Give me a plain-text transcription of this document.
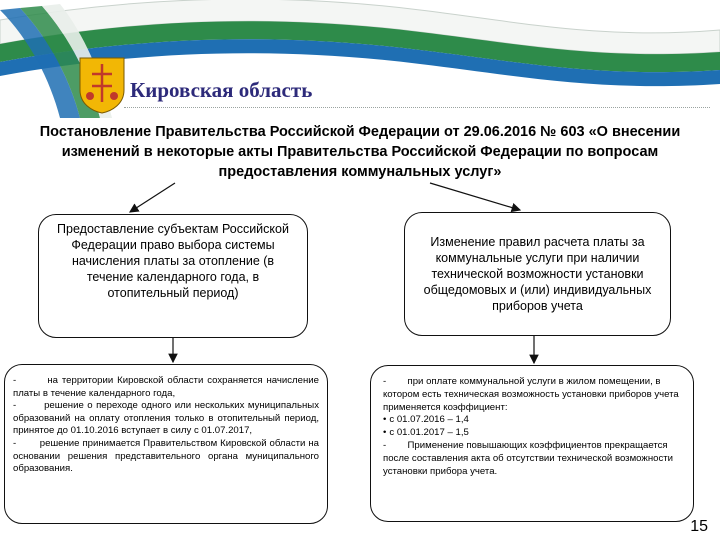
Кировская область
Постановление Правительства Российской Федерации от 29.06.2016 № 603 «О внесении изменений в некоторые акты Правительства Российской Федерации по вопросам предоставления коммунальных услуг»
Предоставление субъектам Российской Федерации право выбора системы начисления платы за отопление (в течение календарного года, в отопительный период)
Изменение правил расчета платы за коммунальные услуги при наличии технической возможности установки общедомовых и (или) индивидуальных приборов учета

-        на территории Кировской области сохраняется начисление платы в течение календарного года,

-        решение о переходе одного или нескольких муниципальных образований на оплату отопления только в отопительный период, принятое до 01.10.2016 вступает в силу с 01.07.2017,

-        решение принимается Правительством Кировской области на основании решения представительного органа муниципального образования.

-        при оплате коммунальной услуги в жилом помещении, в котором есть техническая возможность установки приборов учета применяется коэффициент:

• с 01.07.2016 – 1,4

• с 01.01.2017 – 1,5

-        Применение повышающих коэффициентов прекращается после составления акта об отсутствии технической возможности установки прибора учета.

15
